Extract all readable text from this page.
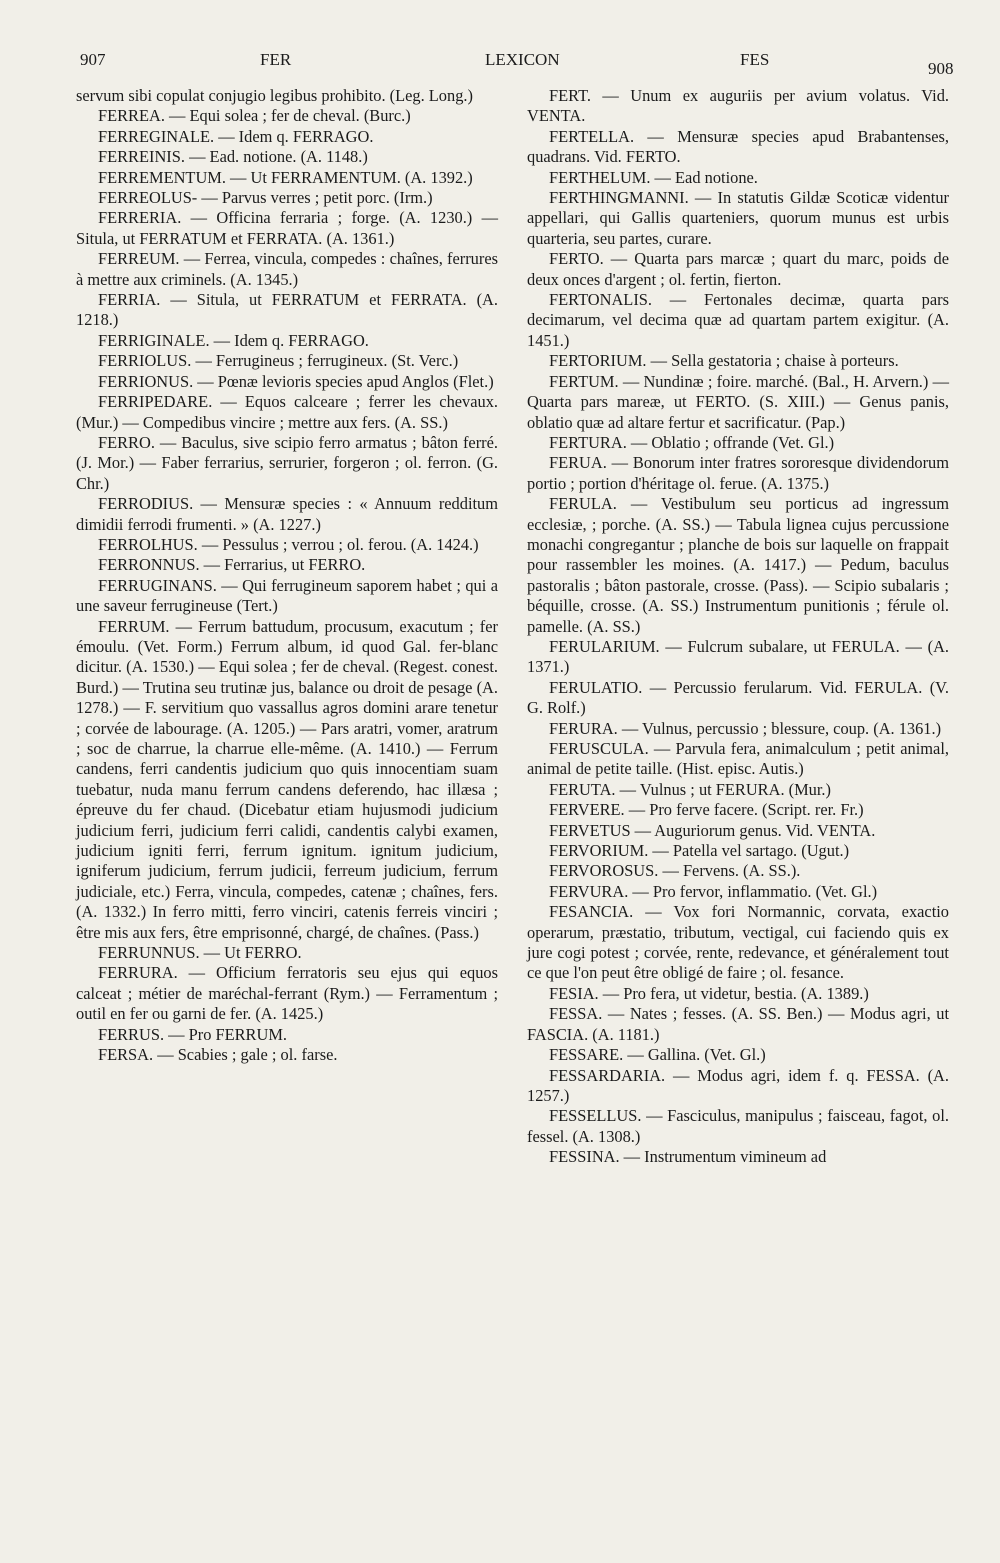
907	FER	LEXICON	FES	908

servum sibi copulat conjugio legibus prohibito. (Leg. Long.)

FERREA. — Equi solea ; fer de cheval. (Burc.)

FERREGINALE. — Idem q. FERRAGO.

FERREINIS. — Ead. notione. (A. 1148.)

FERREMENTUM. — Ut FERRAMENTUM. (A. 1392.)

FERREOLUS- — Parvus verres ; petit porc. (Irm.)

FERRERIA. — Officina ferraria ; forge. (A. 1230.) — Situla, ut FERRATUM et FERRATA. (A. 1361.)

FERREUM. — Ferrea, vincula, compedes : chaînes, ferrures à mettre aux criminels. (A. 1345.)

FERRIA. — Situla, ut FERRATUM et FERRATA. (A. 1218.)

FERRIGINALE. — Idem q. FERRAGO.

FERRIOLUS. — Ferrugineus ; ferrugineux. (St. Verc.)

FERRIONUS. — Pœnæ levioris species apud Anglos (Flet.)

FERRIPEDARE. — Equos calceare ; ferrer les chevaux. (Mur.) — Compedibus vincire ; mettre aux fers. (A. SS.)

FERRO. — Baculus, sive scipio ferro armatus ; bâton ferré. (J. Mor.) — Faber ferrarius, serrurier, forgeron ; ol. ferron. (G. Chr.)

FERRODIUS. — Mensuræ species : « Annuum redditum dimidii ferrodi frumenti. » (A. 1227.)

FERROLHUS. — Pessulus ; verrou ; ol. ferou. (A. 1424.)

FERRONNUS. — Ferrarius, ut FERRO.

FERRUGINANS. — Qui ferrugineum saporem habet ; qui a une saveur ferrugineuse (Tert.)

FERRUM. — Ferrum battudum, procusum, exacutum ; fer émoulu. (Vet. Form.) Ferrum album, id quod Gal. fer-blanc dicitur. (A. 1530.) — Equi solea ; fer de cheval. (Regest. conest. Burd.) — Trutina seu trutinæ jus, balance ou droit de pesage (A. 1278.) — F. servitium quo vassallus agros domini arare tenetur ; corvée de labourage. (A. 1205.) — Pars aratri, vomer, aratrum ; soc de charrue, la charrue elle-même. (A. 1410.) — Ferrum candens, ferri candentis judicium quo quis innocentiam suam tuebatur, nuda manu ferrum candens deferendo, hac illæsa ; épreuve du fer chaud. (Dicebatur etiam hujusmodi judicium judicium ferri, judicium ferri calidi, candentis calybi examen, judicium igniti ferri, ferrum ignitum. ignitum judicium, igniferum judicium, ferrum judicii, ferreum judicium, ferrum judiciale, etc.) Ferra, vincula, compedes, catenæ ; chaînes, fers. (A. 1332.) In ferro mitti, ferro vinciri, catenis ferreis vinciri ; être mis aux fers, être emprisonné, chargé, de chaînes. (Pass.)

FERRUNNUS. — Ut FERRO.

FERRURA. — Officium ferratoris seu ejus qui equos calceat ; métier de maréchal-ferrant (Rym.) — Ferramentum ; outil en fer ou garni de fer. (A. 1425.)

FERRUS. — Pro FERRUM.

FERSA. — Scabies ; gale ; ol. farse.

FERT. — Unum ex auguriis per avium volatus. Vid. VENTA.

FERTELLA. — Mensuræ species apud Brabantenses, quadrans. Vid. FERTO.

FERTHELUM. — Ead notione.

FERTHINGMANNI. — In statutis Gildæ Scoticæ videntur appellari, qui Gallis quarteniers, quorum munus est urbis quarteria, seu partes, curare.

FERTO. — Quarta pars marcæ ; quart du marc, poids de deux onces d'argent ; ol. fertin, fierton.

FERTONALIS. — Fertonales decimæ, quarta pars decimarum, vel decima quæ ad quartam partem exigitur. (A. 1451.)

FERTORIUM. — Sella gestatoria ; chaise à porteurs.

FERTUM. — Nundinæ ; foire. marché. (Bal., H. Arvern.) — Quarta pars mareæ, ut FERTO. (S. XIII.) — Genus panis, oblatio quæ ad altare fertur et sacrificatur. (Pap.)

FERTURA. — Oblatio ; offrande (Vet. Gl.)

FERUA. — Bonorum inter fratres sororesque dividendorum portio ; portion d'héritage ol. ferue. (A. 1375.)

FERULA. — Vestibulum seu porticus ad ingressum ecclesiæ, ; porche. (A. SS.) — Tabula lignea cujus percussione monachi congregantur ; planche de bois sur laquelle on frappait pour rassembler les moines. (A. 1417.) — Pedum, baculus pastoralis ; bâton pastorale, crosse. (Pass). — Scipio subalaris ; béquille, crosse. (A. SS.) Instrumentum punitionis ; férule ol. pamelle. (A. SS.)

FERULARIUM. — Fulcrum subalare, ut FERULA. — (A. 1371.)

FERULATIO. — Percussio ferularum. Vid. FERULA. (V. G. Rolf.)

FERURA. — Vulnus, percussio ; blessure, coup. (A. 1361.)

FERUSCULA. — Parvula fera, animalculum ; petit animal, animal de petite taille. (Hist. episc. Autis.)

FERUTA. — Vulnus ; ut FERURA. (Mur.)

FERVERE. — Pro ferve facere. (Script. rer. Fr.)

FERVETUS — Auguriorum genus. Vid. VENTA.

FERVORIUM. — Patella vel sartago. (Ugut.)

FERVOROSUS. — Fervens. (A. SS.).

FERVURA. — Pro fervor, inflammatio. (Vet. Gl.)

FESANCIA. — Vox fori Normannic, corvata, exactio operarum, præstatio, tributum, vectigal, cui faciendo quis ex jure cogi potest ; corvée, rente, redevance, et généralement tout ce que l'on peut être obligé de faire ; ol. fesance.

FESIA. — Pro fera, ut videtur, bestia. (A. 1389.)

FESSA. — Nates ; fesses. (A. SS. Ben.) — Modus agri, ut FASCIA. (A. 1181.)

FESSARE. — Gallina. (Vet. Gl.)

FESSARDARIA. — Modus agri, idem f. q. FESSA. (A. 1257.)

FESSELLUS. — Fasciculus, manipulus ; faisceau, fagot, ol. fessel. (A. 1308.)

FESSINA. — Instrumentum vimineum ad
